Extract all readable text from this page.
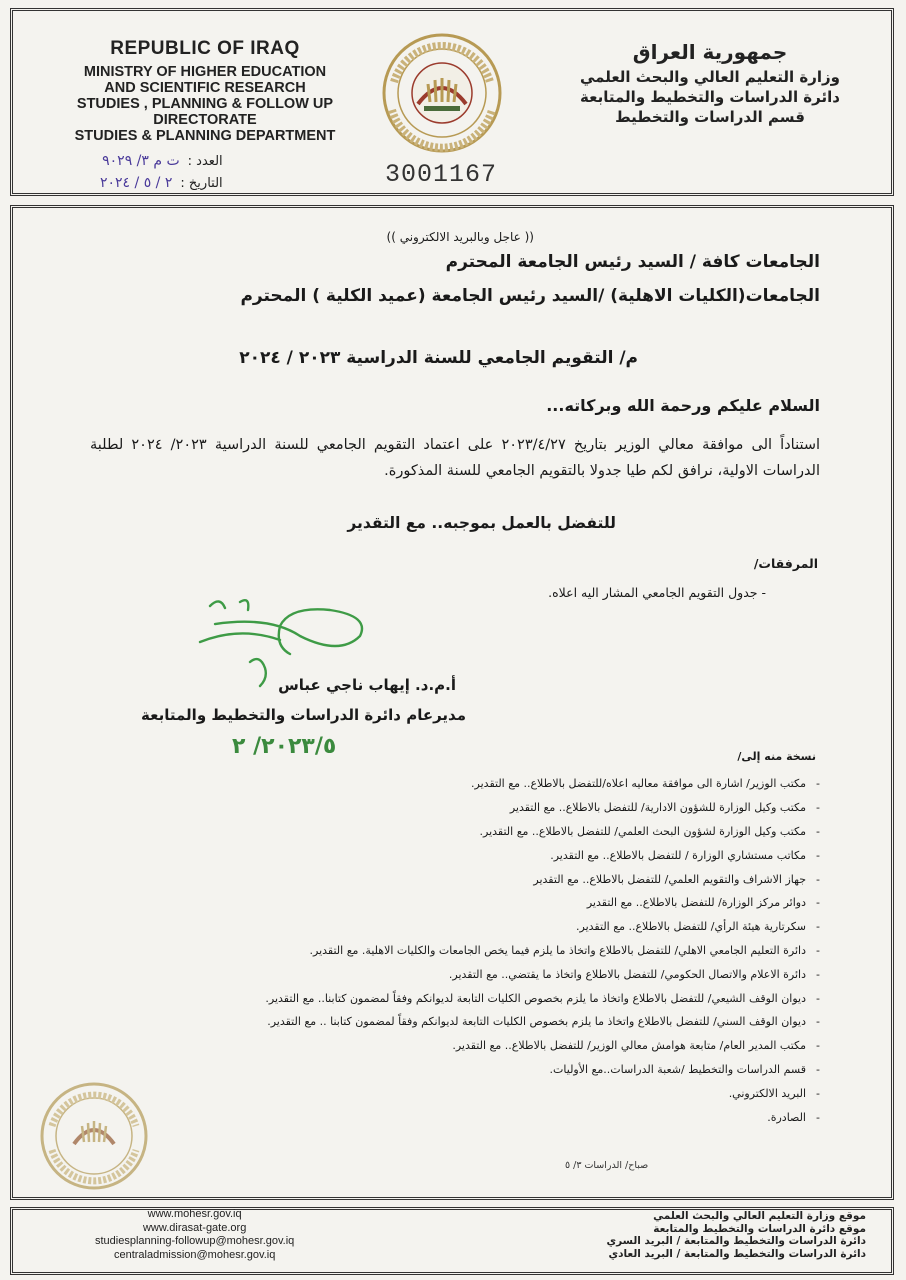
REPUBLIC OF IRAQ
MINISTRY OF HIGHER EDUCATION
AND SCIENTIFIC RESEARCH
STUDIES , PLANNING & FOLLOW UP DIRECTORATE
STUDIES & PLANNING DEPARTMENT
جمهورية العراق
وزارة التعليم العالي والبحث العلمي
دائرة الدراسات والتخطيط والمتابعة
قسم الدراسات والتخطيط
العدد :
ت م ٣/ ٩٠٢٩
التاريخ :
٢ / ٥ / ٢٠٢٤	3001167
(( عاجل وبالبريد الالكتروني ))
الجامعات كافة / السيد رئيس الجامعة المحترم
الجامعات(الكليات الاهلية) /السيد رئيس الجامعة (عميد الكلية ) المحترم
م/ التقويم الجامعي للسنة الدراسية ٢٠٢٣ / ٢٠٢٤
السلام عليكم ورحمة الله وبركاته...
استناداً الى موافقة معالي الوزير بتاريخ ٢٠٢٣/٤/٢٧ على اعتماد التقويم الجامعي للسنة الدراسية ٢٠٢٣/ ٢٠٢٤ لطلبة الدراسات الاولية، نرافق لكم طيا جدولا بالتقويم الجامعي للسنة المذكورة.
للتفضل بالعمل بموجبه.. مع التقدير
المرفقات/
- جدول التقويم الجامعي المشار اليه اعلاه.
أ.م.د. إيهاب ناجي عباس
مديرعام دائرة الدراسات والتخطيط والمتابعة
٢٠٢٣/٥/ ٢	نسخة منه إلى/
-
مكتب الوزير/ اشارة الى موافقة معاليه اعلاه/للتفضل بالاطلاع.. مع التقدير.
-
مكتب وكيل الوزارة للشؤون الادارية/ للتفضل بالاطلاع.. مع التقدير
-
مكتب وكيل الوزارة لشؤون البحث العلمي/ للتفضل بالاطلاع.. مع التقدير.
-
مكاتب مستشاري الوزارة / للتفضل بالاطلاع.. مع التقدير.
-
جهاز الاشراف والتقويم العلمي/ للتفضل بالاطلاع.. مع التقدير
-
دوائر مركز الوزارة/ للتفضل بالاطلاع.. مع التقدير
-
سكرتارية هيئة الرأي/ للتفضل بالاطلاع.. مع التقدير.
-
دائرة التعليم الجامعي الاهلي/ للتفضل بالاطلاع واتخاذ ما يلزم فيما يخص الجامعات والكليات الاهلية. مع التقدير.
-
دائرة الاعلام والاتصال الحكومي/ للتفضل بالاطلاع واتخاذ ما يقتضي.. مع التقدير.
-
ديوان الوقف الشيعي/ للتفضل بالاطلاع واتخاذ ما يلزم بخصوص الكليات التابعة لديوانكم وفقاً لمضمون كتابنا.. مع التقدير.
-
ديوان الوقف السني/ للتفضل بالاطلاع واتخاذ ما يلزم بخصوص الكليات التابعة لديوانكم وفقاً لمضمون كتابنا .. مع التقدير.
-
مكتب المدير العام/ متابعة هوامش معالي الوزير/ للتفضل بالاطلاع.. مع التقدير.
-
قسم الدراسات والتخطيط /شعبة الدراسات..مع الأوليات.
-
البريد الالكتروني.
-
الصادرة.
صباح/ الدراسات ٣/ ٥
www.mohesr.gov.iq
www.dirasat-gate.org
studiesplanning-followup@mohesr.gov.iq
centraladmission@mohesr.gov.iq
موقع وزارة التعليم العالي والبحث العلمي
موقع دائرة الدراسات والتخطيط والمتابعة
دائرة الدراسات والتخطيط والمتابعة / البريد السري
دائرة الدراسات والتخطيط والمتابعة / البريد العادي
